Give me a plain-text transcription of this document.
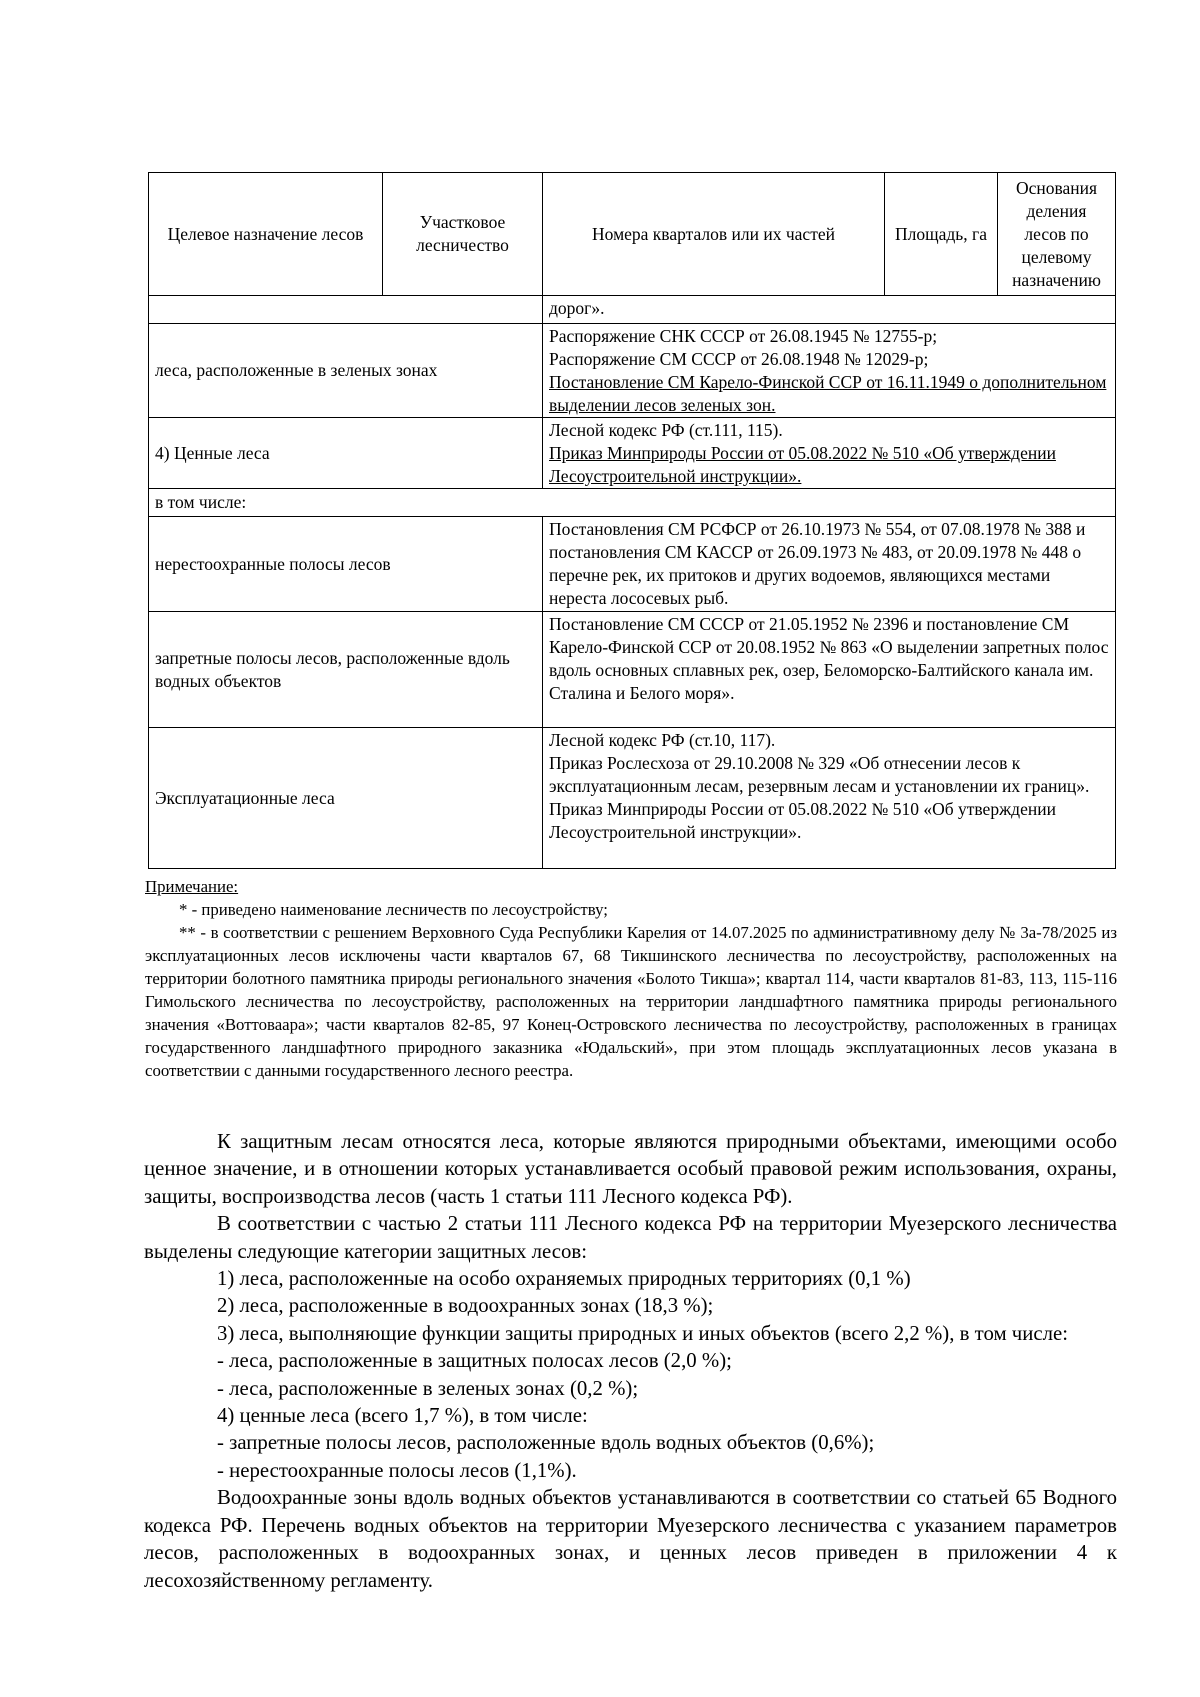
Целевое назначение лесов	Участковое лесничество	Номера кварталов или их частей	Площадь, га	Основания деления лесов по целевому назначению

		дорог».		

леса, расположенные в зеленых зонах		Распоряжение СНК СССР от 26.08.1945 № 12755-р;
Распоряжение СМ СССР от 26.08.1948 № 12029-р;
Постановление СМ Карело-Финской ССР от 16.11.1949 о дополнительном выделении лесов зеленых зон.		

4) Ценные леса		Лесной кодекс РФ (ст.111, 115).
Приказ Минприроды России от 05.08.2022 № 510 «Об утверждении Лесоустроительной инструкции».		

в том числе:				
нерестоохранные полосы лесов		Постановления СМ РСФСР от 26.10.1973 № 554, от 07.08.1978 № 388 и постановления СМ КАССР от 26.09.1973 № 483, от 20.09.1978 № 448 о перечне рек, их притоков и других водоемов, являющихся местами нереста лососевых рыб.		

запретные полосы лесов, расположенные вдоль водных объектов		Постановление СМ СССР от 21.05.1952 № 2396 и постановление СМ Карело-Финской ССР от 20.08.1952 № 863 «О выделении запретных полос вдоль основных сплавных рек, озер, Беломорско-Балтийского канала им. Сталина и Белого моря».		

Эксплуатационные леса		Лесной кодекс РФ (ст.10, 117).
Приказ Рослесхоза от 29.10.2008 № 329 «Об отнесении лесов к эксплуатационным лесам, резервным лесам и установлении их границ».
Приказ Минприроды России от 05.08.2022 № 510 «Об утверждении Лесоустроительной инструкции».		

Примечание:

* - приведено наименование лесничеств по лесоустройству;

** - в соответствии с решением Верховного Суда Республики Карелия от 14.07.2025 по административному делу № 3а-78/2025 из эксплуатационных лесов исключены части кварталов 67, 68 Тикшинского лесничества по лесоустройству, расположенных на территории болотного памятника природы регионального значения «Болото Тикша»; квартал 114, части кварталов 81-83, 113, 115-116 Гимольского лесничества по лесоустройству, расположенных на территории ландшафтного памятника природы регионального значения «Воттоваара»; части кварталов 82-85, 97 Конец-Островского лесничества по лесоустройству, расположенных в границах государственного ландшафтного природного заказника «Юдальский», при этом площадь эксплуатационных лесов указана в соответствии с данными государственного лесного реестра.

К защитным лесам относятся леса, которые являются природными объектами, имеющими особо ценное значение, и в отношении которых устанавливается особый правовой режим использования, охраны, защиты, воспроизводства лесов (часть 1 статьи 111 Лесного кодекса РФ).

В соответствии с частью 2 статьи 111 Лесного кодекса РФ на территории Муезерского лесничества выделены следующие категории защитных лесов:

1) леса, расположенные на особо охраняемых природных территориях (0,1 %)

2) леса, расположенные в водоохранных зонах (18,3 %);

3) леса, выполняющие функции защиты природных и иных объектов (всего 2,2 %), в том числе:

- леса, расположенные в защитных полосах лесов (2,0 %);

- леса, расположенные в зеленых зонах (0,2 %);

4) ценные леса (всего 1,7 %), в том числе:

- запретные полосы лесов, расположенные вдоль водных объектов (0,6%);

- нерестоохранные полосы лесов (1,1%).

Водоохранные зоны вдоль водных объектов устанавливаются в соответствии со статьей 65 Водного кодекса РФ. Перечень водных объектов на территории Муезерского лесничества с указанием параметров лесов, расположенных в водоохранных зонах, и ценных лесов приведен в приложении 4 к лесохозяйственному регламенту.
